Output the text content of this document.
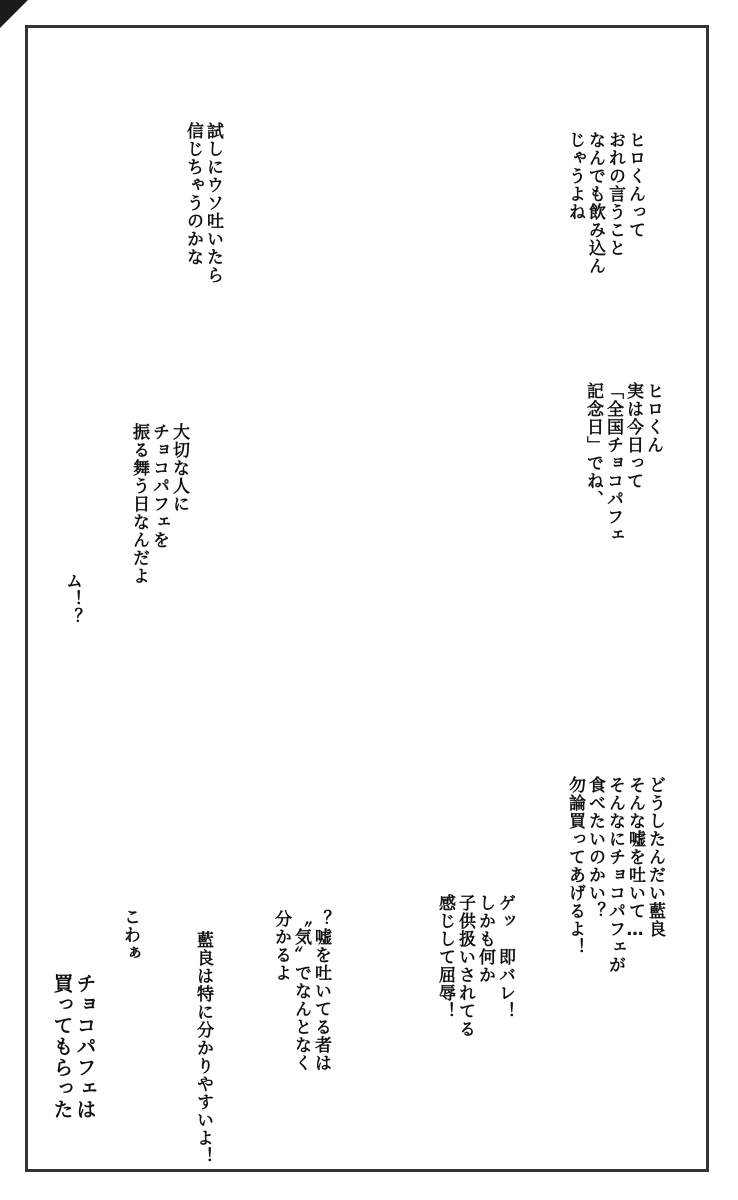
ヒロくんって
おれの言うこと
なんでも飲み込ん
じゃうよね
試しにウソ吐いたら
信じちゃうのかな
ヒロくん
実は今日って
「全国チョコパフェ
記念日」でね、
大切な人に
チョコパフェを
振る舞う日なんだよ
ム！？
どうしたんだい藍良
そんな嘘を吐いて…
そんなにチョコパフェが
食べたいのかい？
勿論買ってあげるよ！
ゲッ　即バレ！
しかも何か
子供扱いされてる
感じして屈辱！
？嘘を吐いてる者は
〝気〟でなんとなく
分かるよ
藍良は特に分かりやすいよ！
こわぁ
チョコパフェは
買ってもらった
